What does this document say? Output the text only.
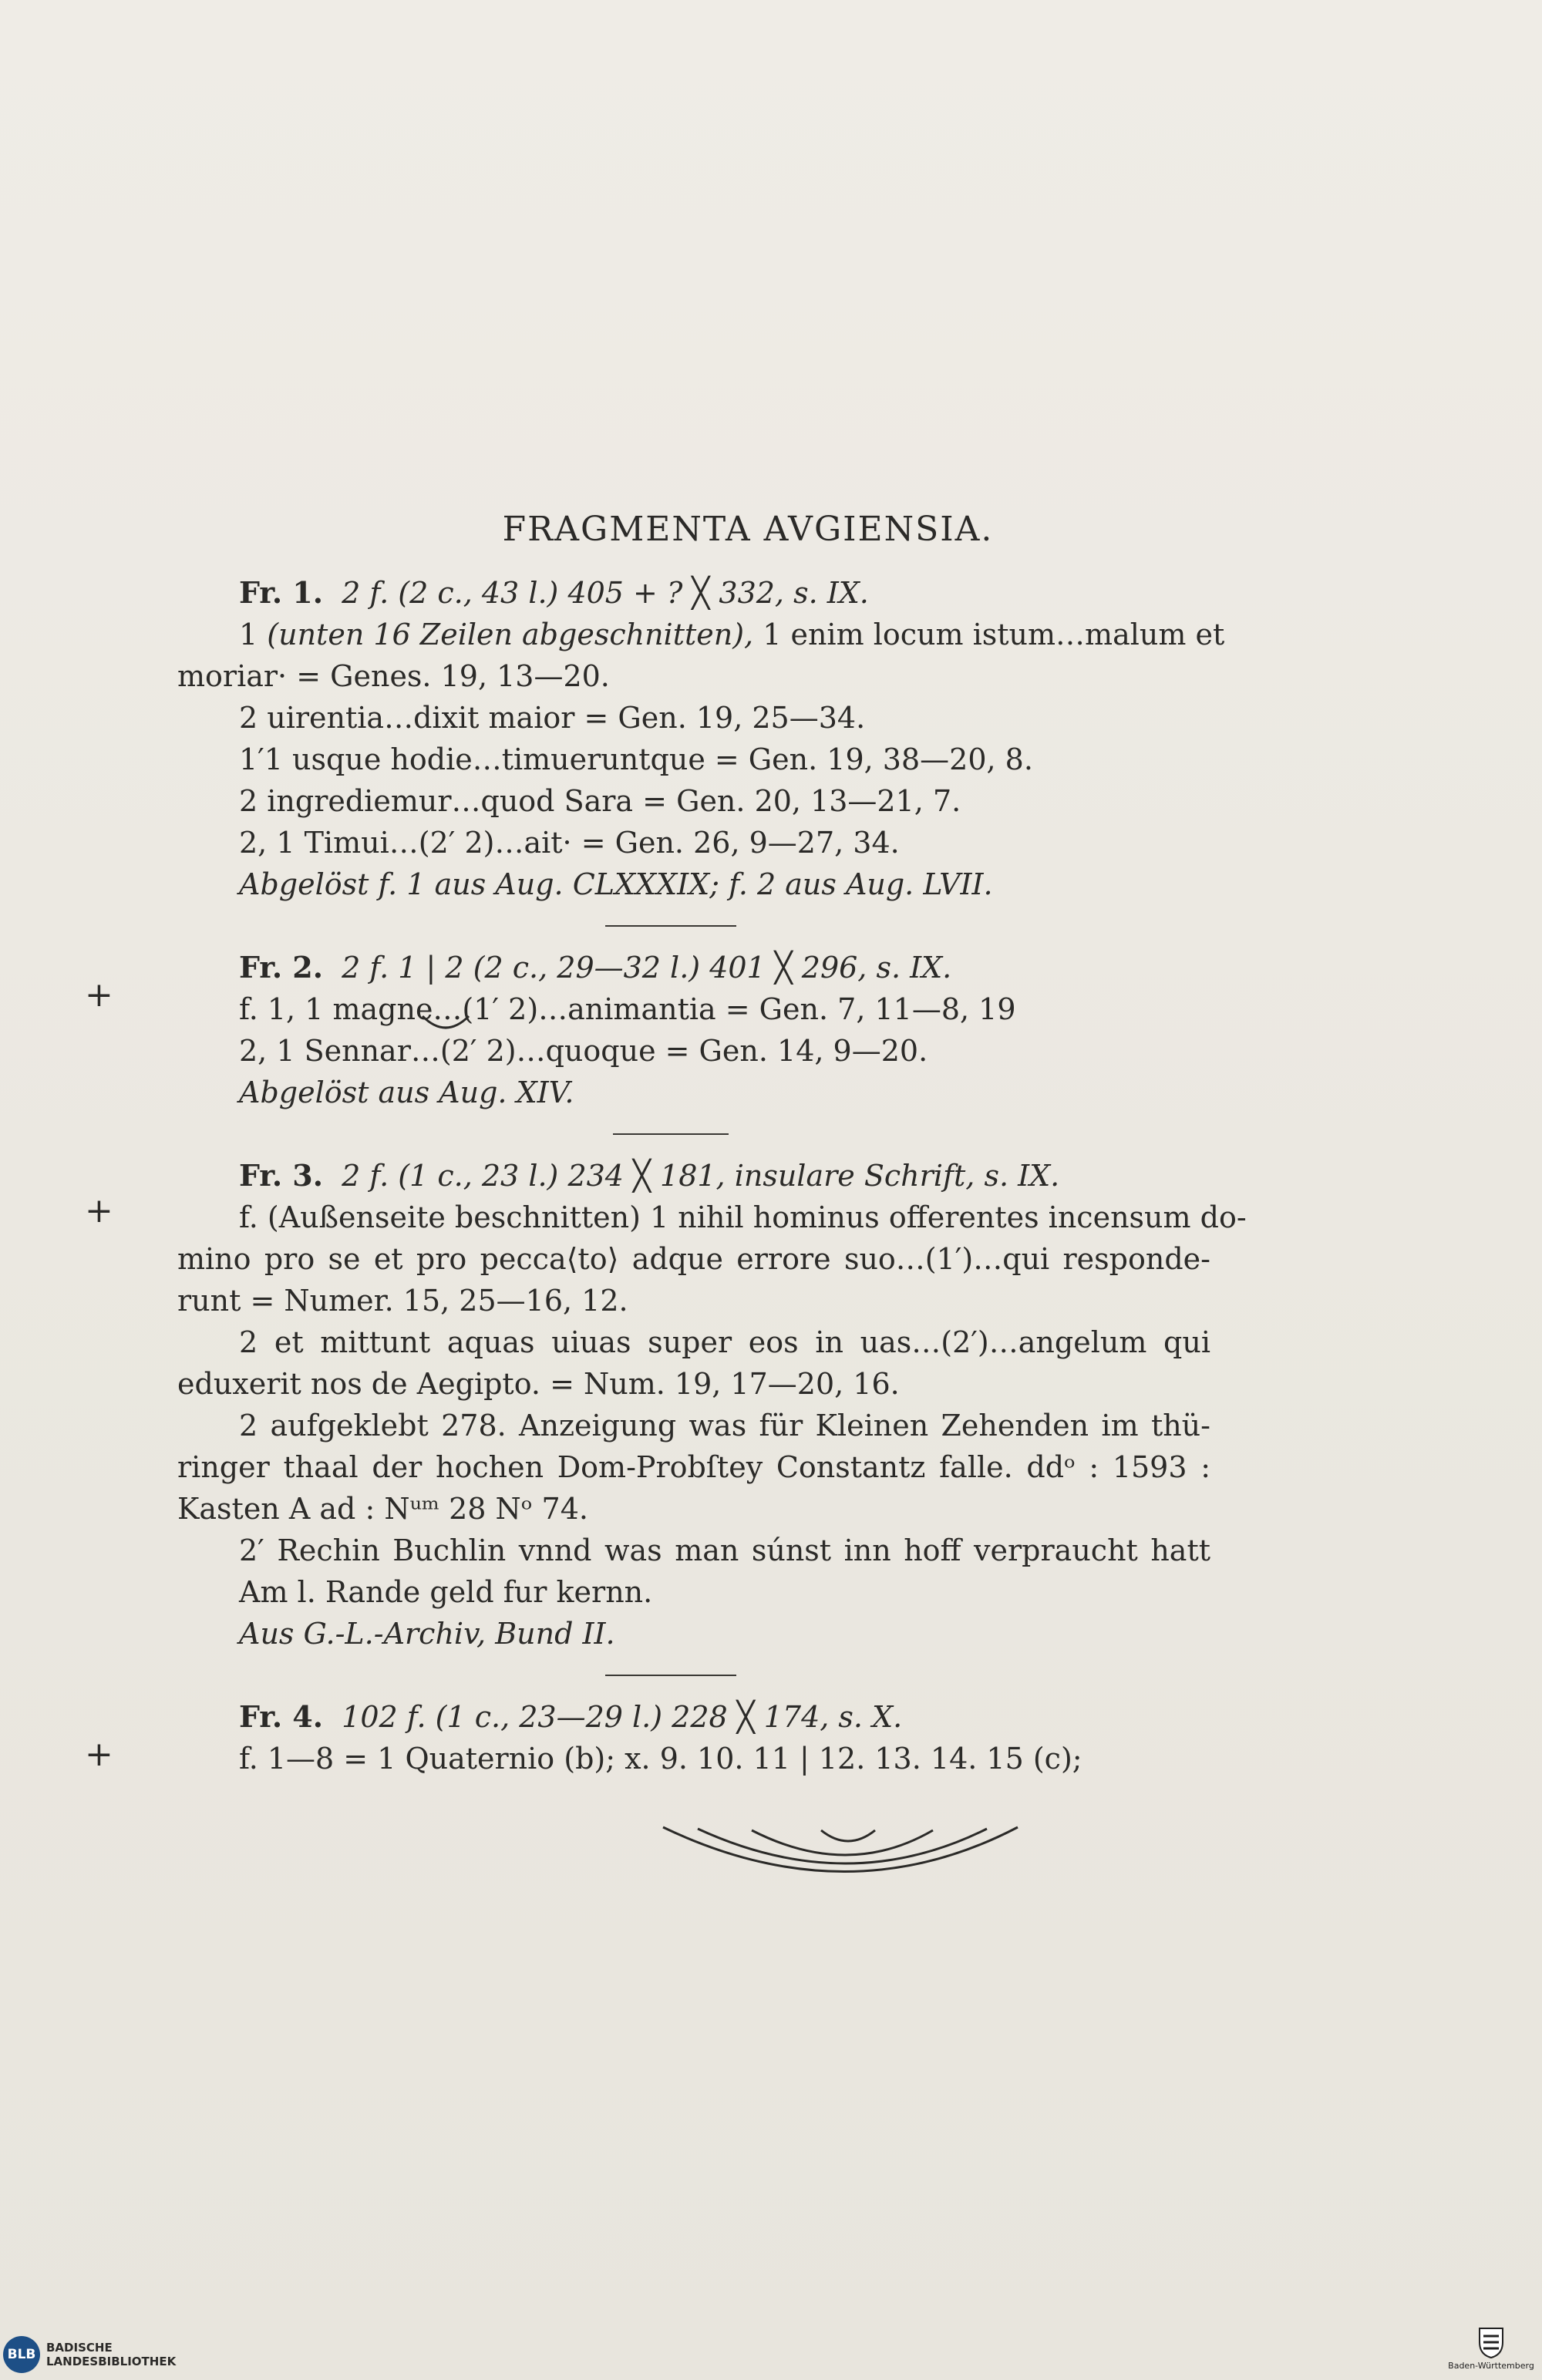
+
+
+
FRAGMENTA AVGIENSIA.
Fr. 1. 2 f. (2 c., 43 l.) 405 + ? ╳ 332, s. IX.
1 (unten 16 Zeilen abgeschnitten), 1 enim locum istum…malum et
moriar· = Genes. 19, 13—20.
2 uirentia…dixit maior = Gen. 19, 25—34.
1′1 usque hodie…timueruntque = Gen. 19, 38—20, 8.
2 ingrediemur…quod Sara = Gen. 20, 13—21, 7.
2, 1 Timui…(2′ 2)…ait· = Gen. 26, 9—27, 34.
Abgelöst f. 1 aus Aug. CLXXXIX; f. 2 aus Aug. LVII.
Fr. 2. 2 f. 1 | 2 (2 c., 29—32 l.) 401 ╳ 296, s. IX.
f. 1, 1 magne…(1′ 2)…animantia = Gen. 7, 11—8, 19
2, 1 Sennar…(2′ 2)…quoque = Gen. 14, 9—20.
Abgelöst aus Aug. XIV.
Fr. 3. 2 f. (1 c., 23 l.) 234 ╳ 181, insulare Schrift, s. IX.
f. (Außenseite beschnitten) 1 nihil hominus offerentes incensum do-
mino pro se et pro pecca⟨to⟩ adque errore suo…(1′)…qui responde-
runt = Numer. 15, 25—16, 12.
2 et mittunt aquas uiuas super eos in uas…(2′)…angelum qui
eduxerit nos de Aegipto. = Num. 19, 17—20, 16.
2 aufgeklebt 278. Anzeigung was für Kleinen Zehenden im thü-
ringer thaal der hochen Dom-Probſtey Constantz falle. ddᵒ : 1593 :
Kasten A ad : Nᵘᵐ 28 Nᵒ 74.
2′ Rechin Buchlin vnnd was man súnst inn hoff verpraucht hatt
Am l. Rande geld fur kernn.
Aus G.-L.-Archiv, Bund II.
Fr. 4. 102 f. (1 c., 23—29 l.) 228 ╳ 174, s. X.
f. 1—8 = 1 Quaternio (b); x. 9. 10. 11 | 12. 13. 14. 15 (c);
BLB BADISCHE
LANDESBIBLIOTHEK	Baden-Württemberg
